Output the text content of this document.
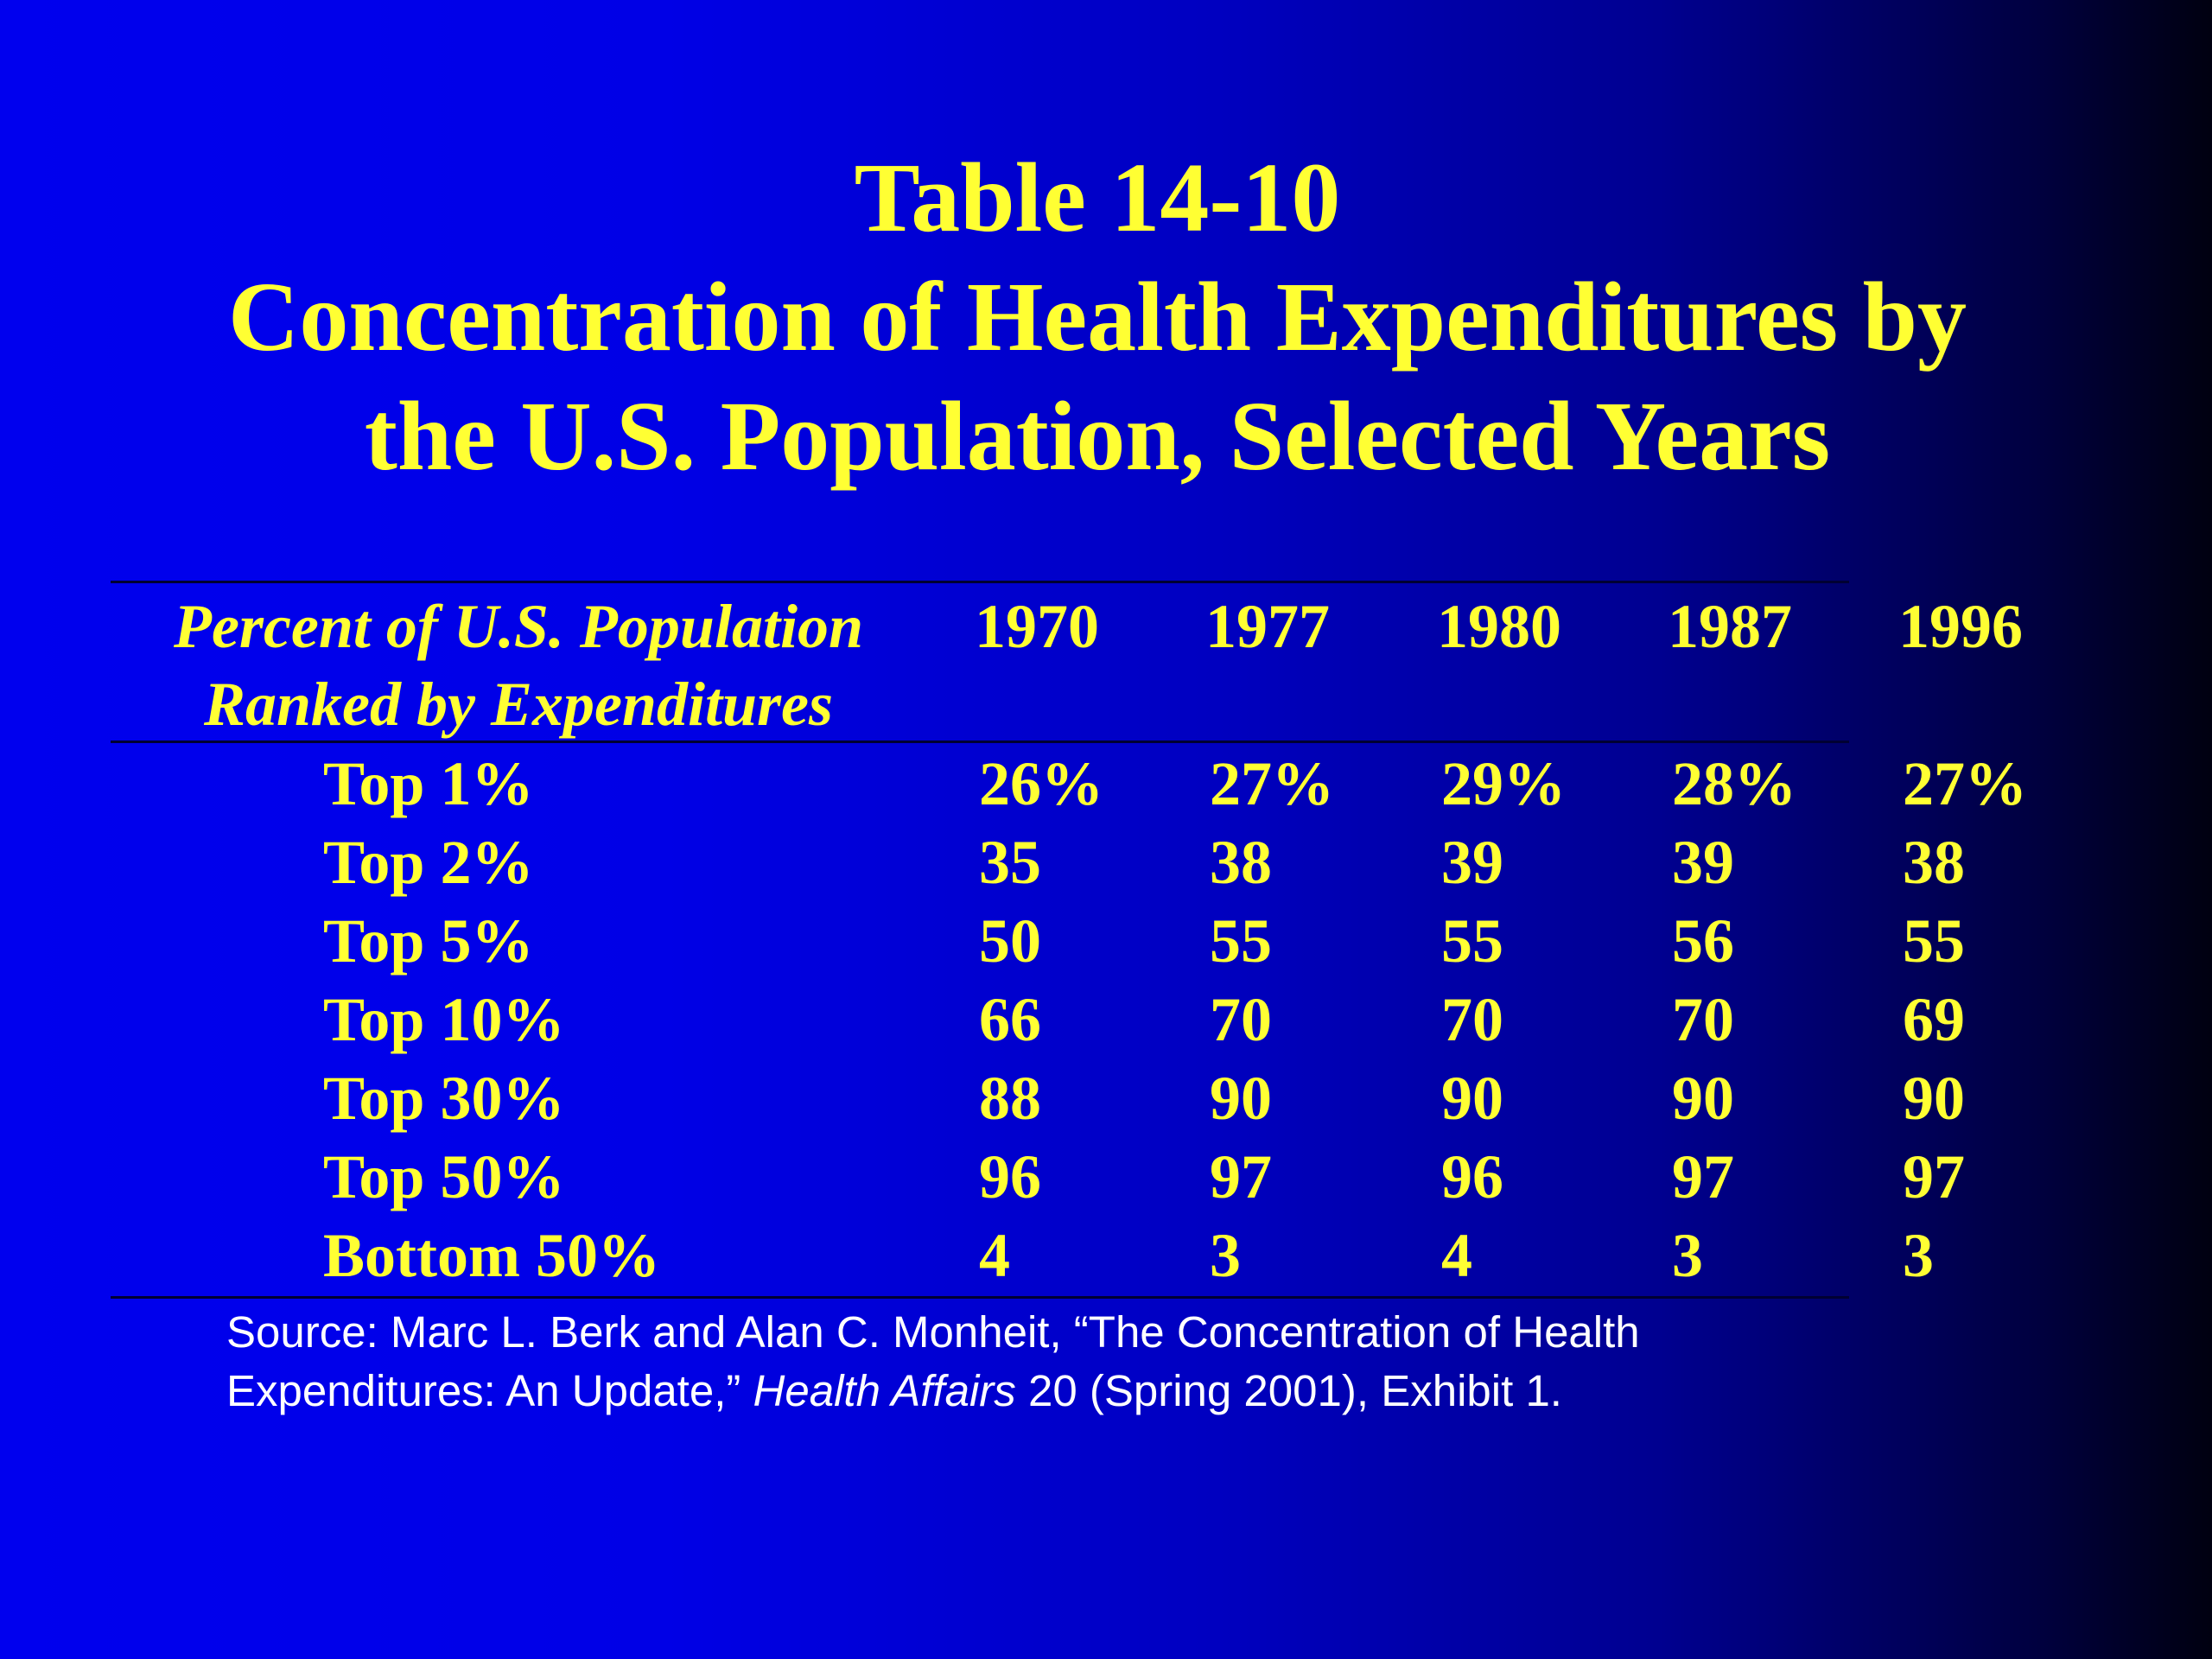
Table 14-10
Concentration of Health Expenditures by
the U.S. Population, Selected Years
Percent of U.S. Population
Ranked by Expenditures
1970 1977 1980 1987 1996
Top 1%	26% 27% 29% 28% 27%
Top 2%	35	38	39	39	38
Top 5%	50	55	55	56	55
Top 10%	66	70	70	70	69
Top 30%	88	90	90	90	90
Top 50%	96	97	96	97	97
Bottom 50%	4	3	4	3	3
Source: Marc L. Berk and Alan C. Monheit, “The Concentration of Health
Expenditures: An Update,” Health Affairs 20 (Spring 2001), Exhibit 1.
